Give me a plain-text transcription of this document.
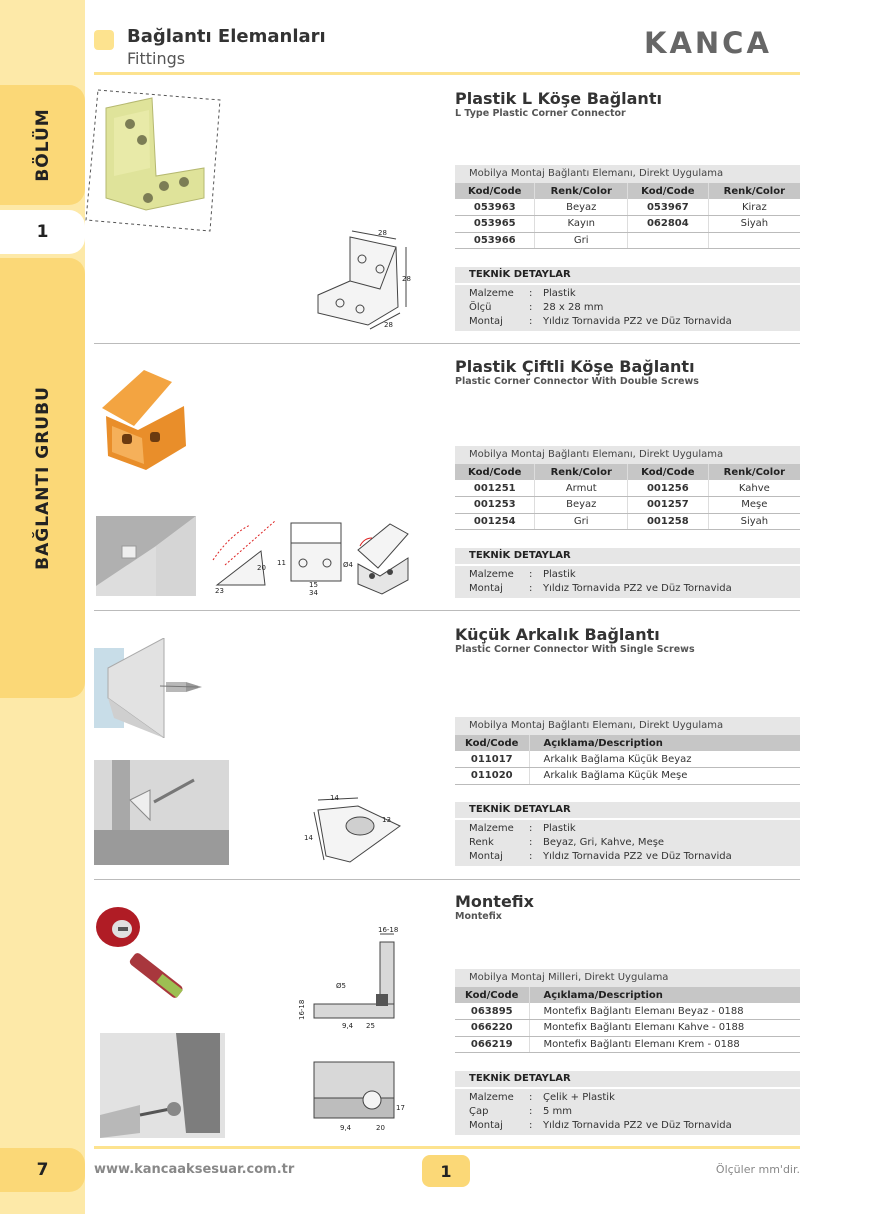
BÖLÜM
1
BAĞLANTI GRUBU
7
Bağlantı Elemanları
Fittings	KANCA
28
28
28
Plastik L Köşe Bağlantı
L Type Plastic Corner Connector
Mobilya Montaj Bağlantı Elemanı, Direkt Uygulama
Kod/Code	Renk/Color	Kod/Code	Renk/Color
053963	Beyaz	053967	Kiraz
053965	Kayın	062804	Siyah
053966	Gri		
TEKNİK DETAYLAR
Malzeme	:	Plastik
Ölçü	:	28 x 28 mm
Montaj	:	Yıldız Tornavida PZ2 ve Düz Tornavida
23
20
11
15
34
Ø4
Plastik Çiftli Köşe Bağlantı
Plastic Corner Connector With Double Screws
Mobilya Montaj Bağlantı Elemanı, Direkt Uygulama
Kod/Code	Renk/Color	Kod/Code	Renk/Color
001251	Armut	001256	Kahve
001253	Beyaz	001257	Meşe
001254	Gri	001258	Siyah
TEKNİK DETAYLAR
Malzeme	:	Plastik
Montaj	:	Yıldız Tornavida PZ2 ve Düz Tornavida
14
13
14
Küçük Arkalık Bağlantı
Plastic Corner Connector With Single Screws
Mobilya Montaj Bağlantı Elemanı, Direkt Uygulama
Kod/Code	Açıklama/Description
011017	Arkalık Bağlama Küçük Beyaz
011020	Arkalık Bağlama Küçük Meşe
TEKNİK DETAYLAR
Malzeme	:	Plastik
Renk	:	Beyaz, Gri, Kahve, Meşe
Montaj	:	Yıldız Tornavida PZ2 ve Düz Tornavida
16-18
Ø5
16-18
9,4 25
17
9,4	20
Montefix
Montefix
Mobilya Montaj Milleri, Direkt Uygulama
Kod/Code	Açıklama/Description
063895	Montefix Bağlantı Elemanı Beyaz - 0188
066220	Montefix Bağlantı Elemanı Kahve - 0188
066219	Montefix Bağlantı Elemanı Krem - 0188
TEKNİK DETAYLAR
Malzeme	:	Çelik + Plastik
Çap	:	5 mm
Montaj	:	Yıldız Tornavida PZ2 ve Düz Tornavida
www.kancaaksesuar.com.tr	1	Ölçüler mm'dir.
